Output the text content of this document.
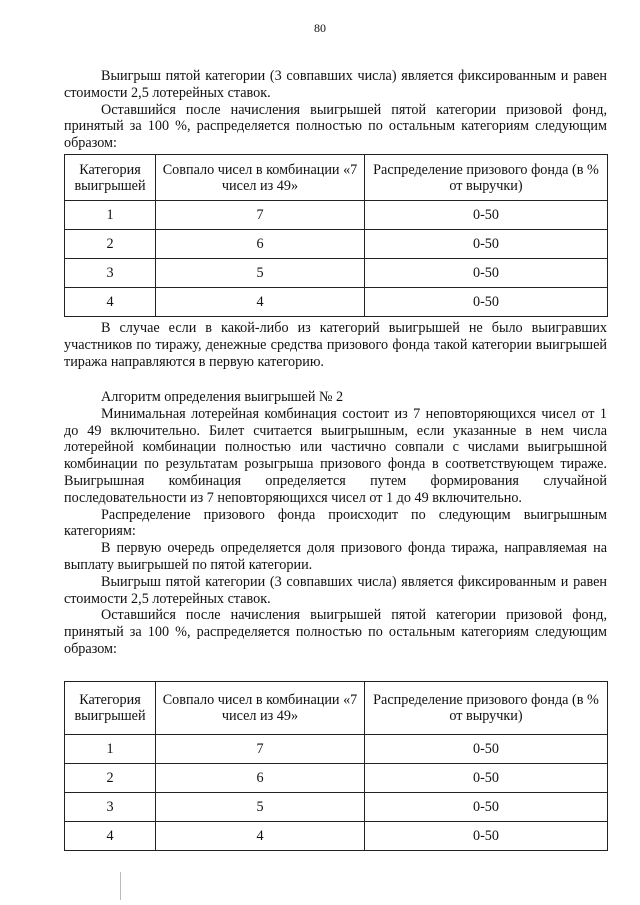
80

Выигрыш пятой категории (3 совпавших числа) является фиксированным и равен стоимости 2,5 лотерейных ставок.

Оставшийся после начисления выигрышей пятой категории призовой фонд, принятый за 100 %, распределяется полностью по остальным категориям следующим образом:

Категория выигрышей	Совпало чисел в комбинации «7 чисел из 49»	Распределение призового фонда (в % от выручки)
1	7	0-50
2	6	0-50
3	5	0-50
4	4	0-50

В случае если в какой-либо из категорий выигрышей не было выигравших участников по тиражу, денежные средства призового фонда такой категории выигрышей тиража направляются в первую категорию.

Алгоритм определения выигрышей № 2

Минимальная лотерейная комбинация состоит из 7 неповторяющихся чисел от 1 до 49 включительно. Билет считается выигрышным, если указанные в нем числа лотерейной комбинации полностью или частично совпали с числами выигрышной комбинации по результатам розыгрыша призового фонда в соответствующем тираже. Выигрышная комбинация определяется путем формирования случайной последовательности из 7 неповторяющихся чисел от 1 до 49 включительно.

Распределение призового фонда происходит по следующим выигрышным категориям:

В первую очередь определяется доля призового фонда тиража, направляемая на выплату выигрышей по пятой категории.

Выигрыш пятой категории (3 совпавших числа) является фиксированным и равен стоимости 2,5 лотерейных ставок.

Оставшийся после начисления выигрышей пятой категории призовой фонд, принятый за 100 %, распределяется полностью по остальным категориям следующим образом:

Категория выигрышей	Совпало чисел в комбинации «7 чисел из 49»	Распределение призового фонда (в % от выручки)
1	7	0-50
2	6	0-50
3	5	0-50
4	4	0-50
